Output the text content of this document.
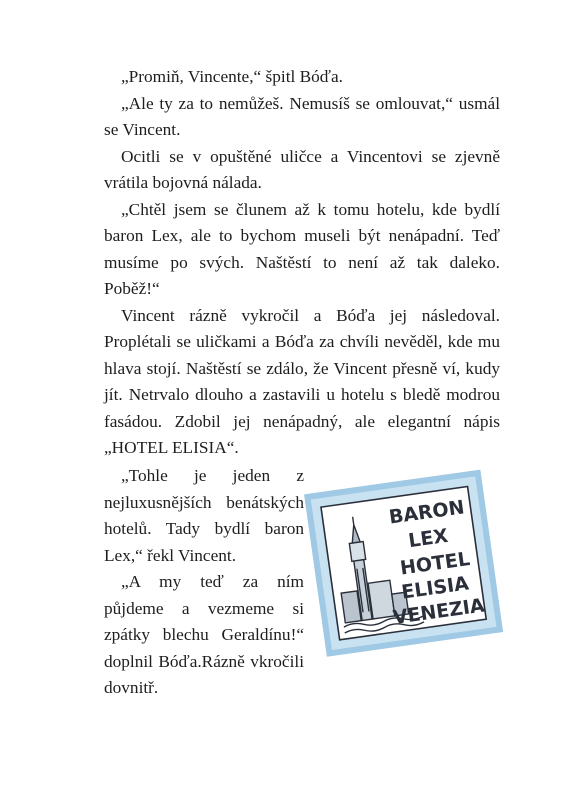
„Promiň, Vincente,“ špitl Bóďa.

„Ale ty za to nemůžeš. Nemusíš se omlouvat,“ usmál se Vincent.

Ocitli se v opuštěné uličce a Vincentovi se zjevně vrátila bojovná nálada.

„Chtěl jsem se člunem až k tomu hotelu, kde bydlí baron Lex, ale to bychom museli být nenápadní. Teď musíme po svých. Naštěstí to není až tak daleko. Poběž!“

Vincent rázně vykročil a Bóďa jej následoval. Proplétali se uličkami a Bóďa za chvíli nevěděl, kde mu hlava stojí. Naštěstí se zdálo, že Vincent přesně ví, kudy jít. Netrvalo dlouho a zastavili u hotelu s bledě modrou fasádou. Zdobil jej nenápadný, ale elegantní nápis „HOTEL ELISIA“.

„Tohle je jeden z nejluxusnějších benátských hotelů. Tady bydlí baron Lex,“ řekl Vincent.

„A my teď za ním půjdeme a vezmeme si zpátky blechu Geraldínu!“ doplnil Bóďa.Rázně vkročili dovnitř.

BARON
LEX
HOTEL
ELISIA
VENEZIA
